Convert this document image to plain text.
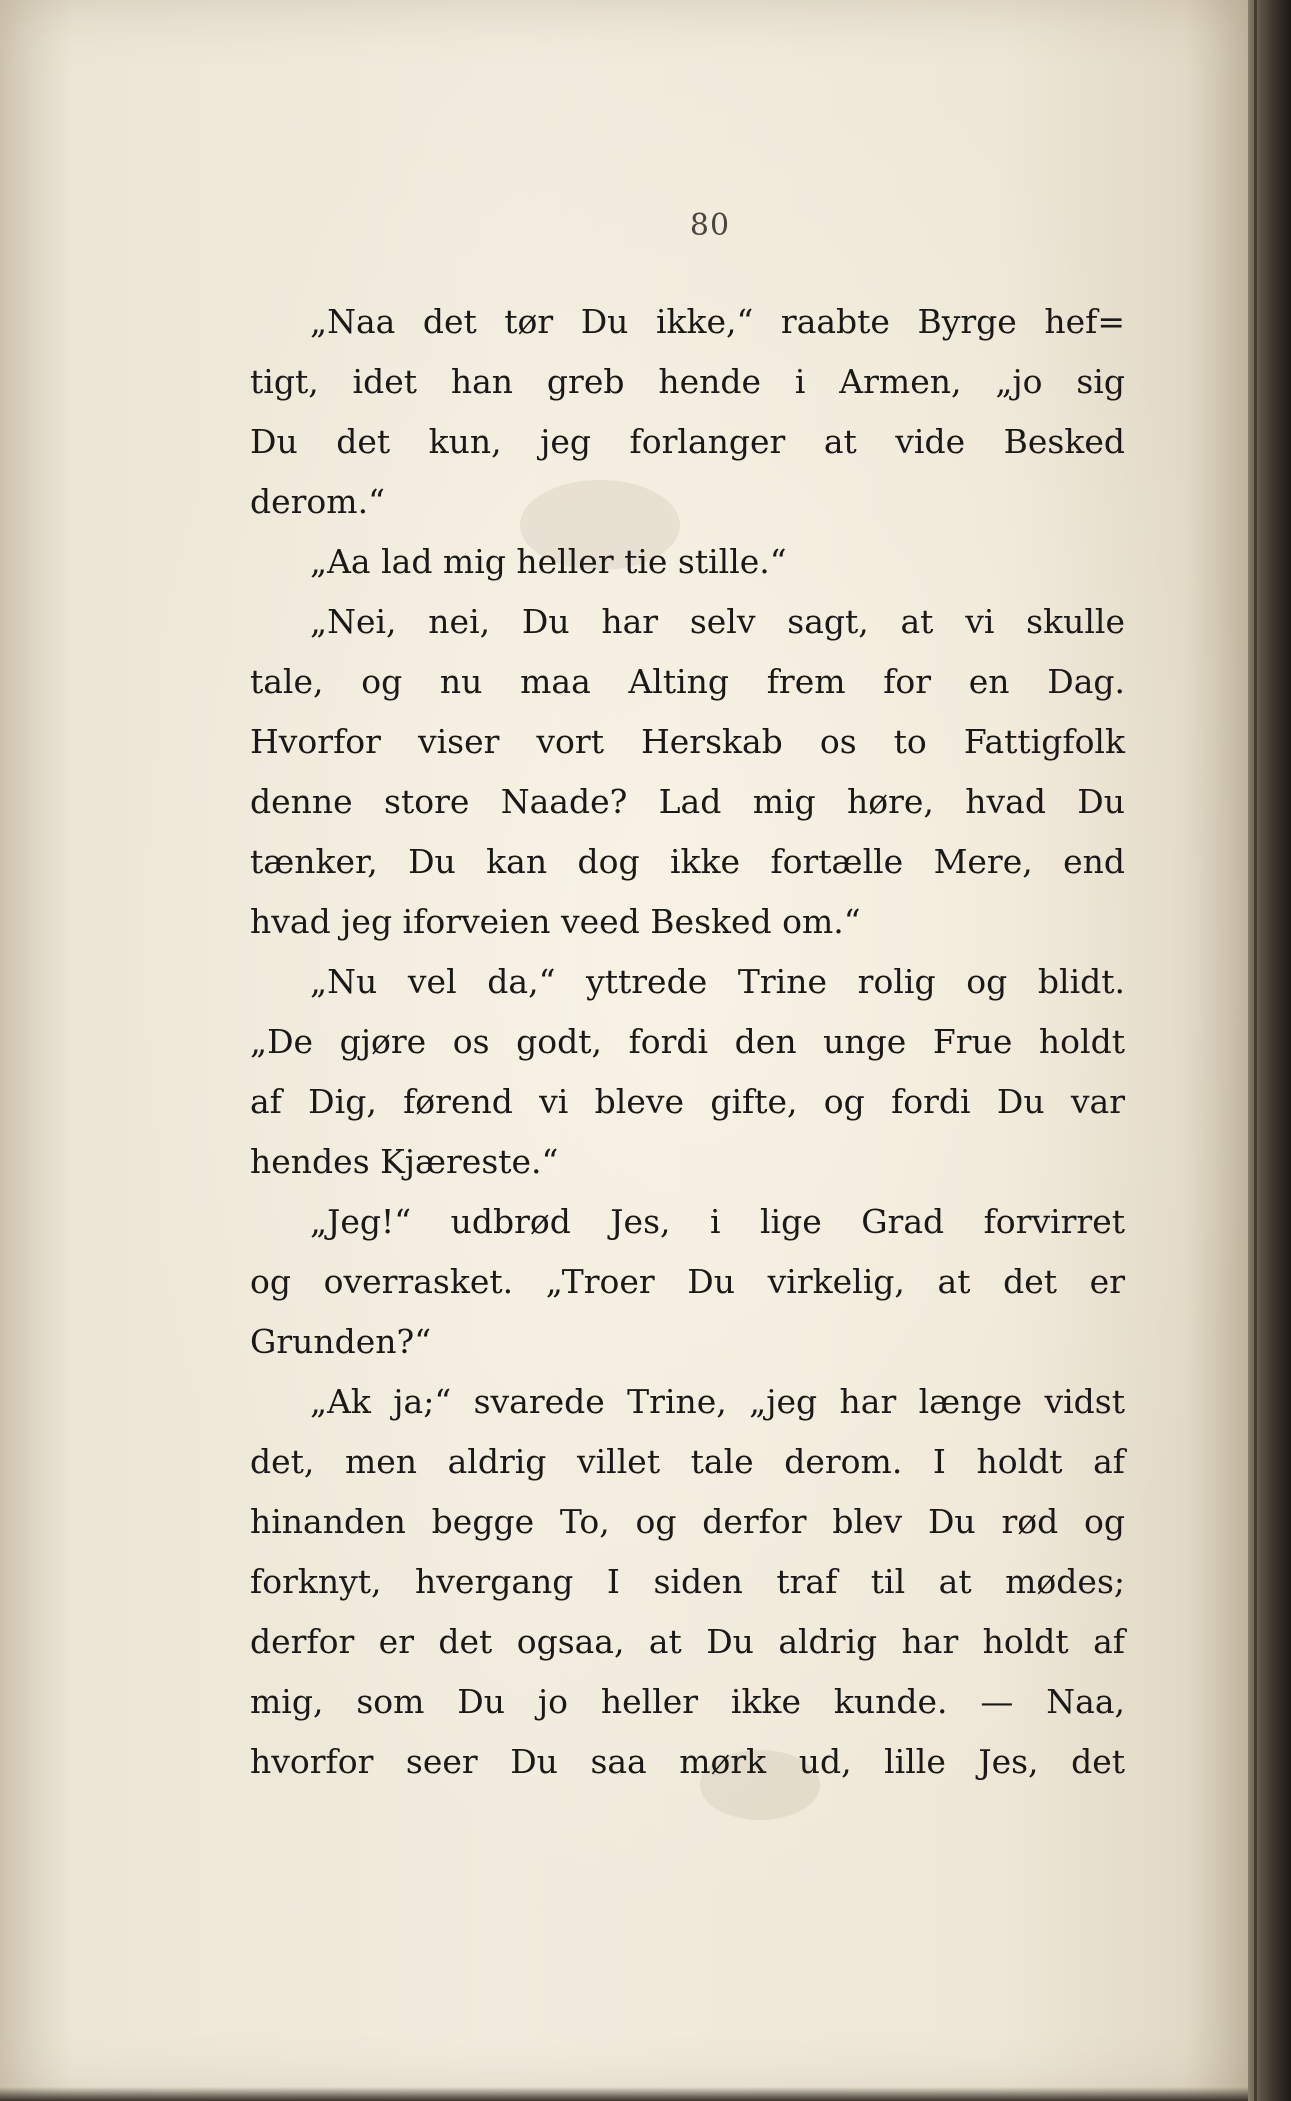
80
„Naa det tør Du ikke,“ raabte Byrge hef=
tigt, idet han greb hende i Armen, „jo sig
Du det kun, jeg forlanger at vide Besked
derom.“
„Aa lad mig heller tie stille.“
„Nei, nei, Du har selv sagt, at vi skulle
tale, og nu maa Alting frem for en Dag.
Hvorfor viser vort Herskab os to Fattigfolk
denne store Naade? Lad mig høre, hvad Du
tænker, Du kan dog ikke fortælle Mere, end
hvad jeg iforveien veed Besked om.“
„Nu vel da,“ yttrede Trine rolig og blidt.
„De gjøre os godt, fordi den unge Frue holdt
af Dig, førend vi bleve gifte, og fordi Du var
hendes Kjæreste.“
„Jeg!“ udbrød Jes, i lige Grad forvirret
og overrasket. „Troer Du virkelig, at det er
Grunden?“
„Ak ja;“ svarede Trine, „jeg har længe vidst
det, men aldrig villet tale derom. I holdt af
hinanden begge To, og derfor blev Du rød og
forknyt, hvergang I siden traf til at mødes;
derfor er det ogsaa, at Du aldrig har holdt af
mig, som Du jo heller ikke kunde. — Naa,
hvorfor seer Du saa mørk ud, lille Jes, det
